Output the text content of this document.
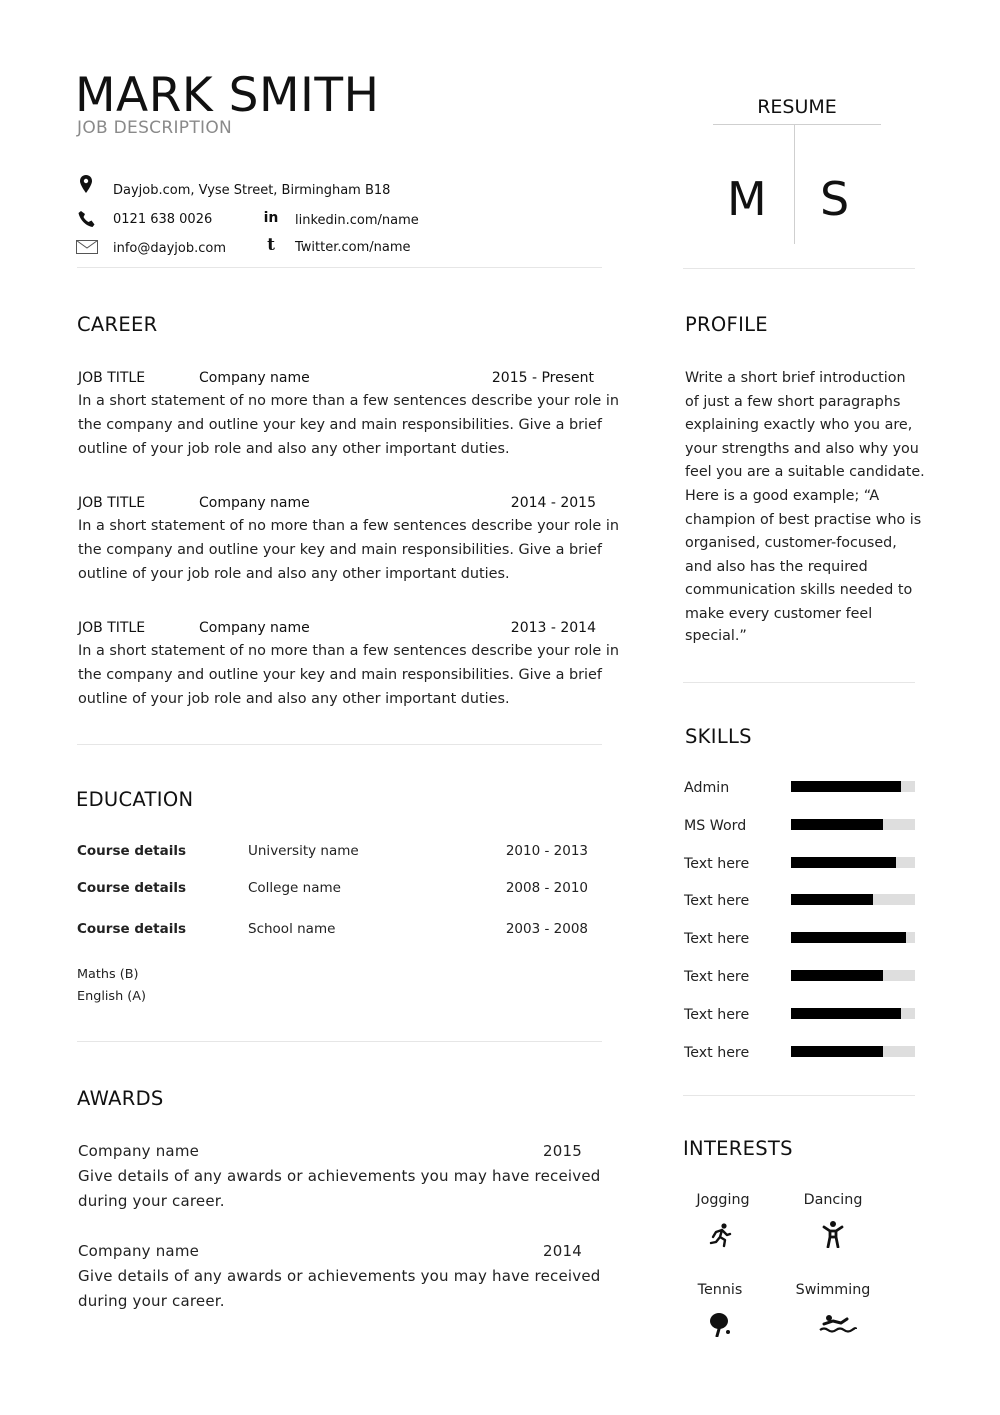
MARK SMITH
JOB DESCRIPTION
Dayjob.com, Vyse Street, Birmingham B18
0121 638 0026	in linkedin.com/name
info@dayjob.com t Twitter.com/name
RESUME
M S
CAREER
JOB TITLE	Company name	2015 - Present
In a short statement of no more than a few sentences describe your role in
the company and outline your key and main responsibilities. Give a brief
outline of your job role and also any other important duties.
JOB TITLE	Company name	2014 - 2015
In a short statement of no more than a few sentences describe your role in
the company and outline your key and main responsibilities. Give a brief
outline of your job role and also any other important duties.
JOB TITLE	Company name	2013 - 2014
In a short statement of no more than a few sentences describe your role in
the company and outline your key and main responsibilities. Give a brief
outline of your job role and also any other important duties.
EDUCATION
Course details	University name	2010 - 2013
Course details	College name	2008 - 2010
Course details	School name	2003 - 2008
Maths (B)
English (A)
AWARDS
Company name	2015
Give details of any awards or achievements you may have received
during your career.
Company name	2014
Give details of any awards or achievements you may have received
during your career.
PROFILE
Write a short brief introduction
of just a few short paragraphs
explaining exactly who you are,
your strengths and also why you
feel you are a suitable candidate.
Here is a good example; “A
champion of best practise who is
organised, customer-focused,
and also has the required
communication skills needed to
make every customer feel
special.”
SKILLS
Admin
MS Word
Text here
Text here
Text here
Text here
Text here
Text here
INTERESTS
Jogging	Dancing
Tennis	Swimming
